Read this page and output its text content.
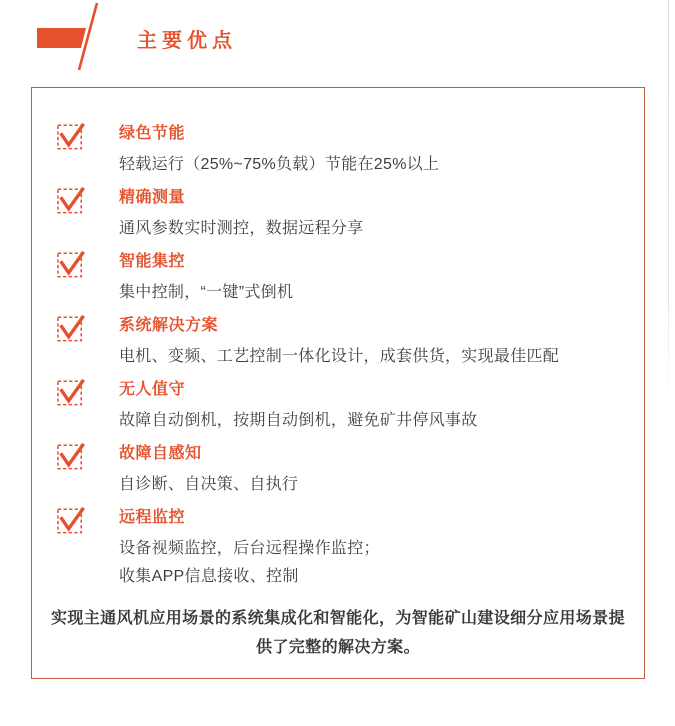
主要优点
绿色节能
轻载运行（25%~75%负载）节能在25%以上
精确测量
通风参数实时测控，数据远程分享
智能集控
集中控制，“一键”式倒机
系统解决方案
电机、变频、工艺控制一体化设计，成套供货，实现最佳匹配
无人值守
故障自动倒机，按期自动倒机，避免矿井停风事故
故障自感知
自诊断、自决策、自执行
远程监控
设备视频监控，后台远程操作监控；
收集APP信息接收、控制
实现主通风机应用场景的系统集成化和智能化，为智能矿山建设细分应用场景提供了完整的解决方案。
